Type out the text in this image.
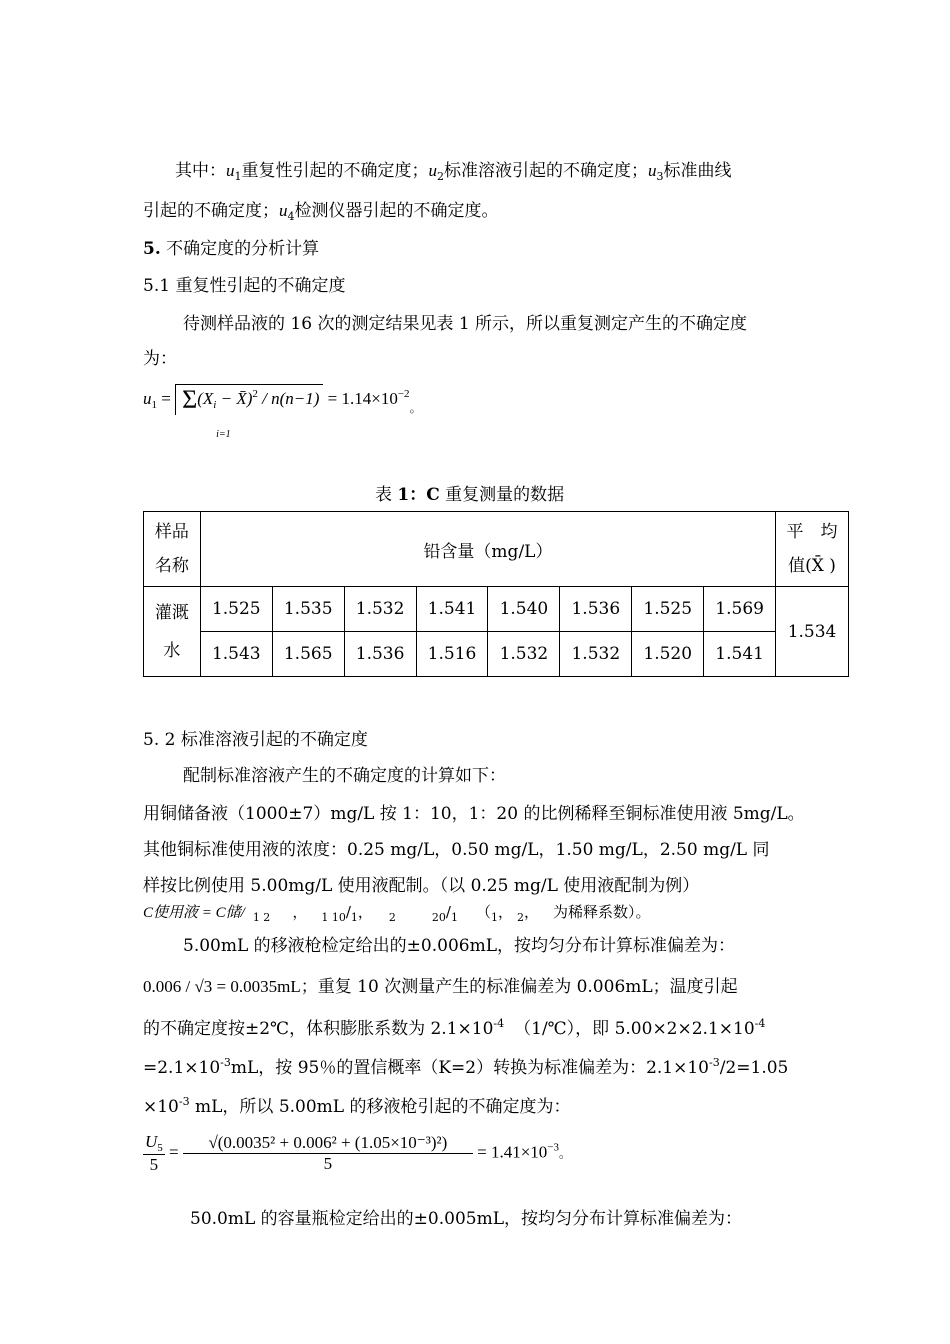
其中：$u_1$重复性引起的不确定度；$u_2$标准溶液引起的不确定度；$u_3$标准曲线
引起的不确定度；$u_4$检测仪器引起的不确定度。
5. 不确定度的分析计算
5.1 重复性引起的不确定度
待测样品液的 16 次的测定结果见表 1 所示，所以重复测定产生的不确定度
为：
$u_1 = \Sigma(X_i$ − X̄)$^2$ / n(n−1)
i=1
= $1.14\times 10^{-2}_。$
表 1：C 重复测量的数据
样品
名称	铅含量（mg/L）								平　均
值(X̄ )
灌溉
水	1.525	1.535	1.532	1.541	1.540	1.536	1.525	1.569	1.534
	1.543	1.565	1.536	1.516	1.532	1.532	1.520	1.541	
5. 2 标准溶液引起的不确定度
配制标准溶液产生的不确定度的计算如下：
用铜储备液（1000±7）mg/L 按 1：10，1：20 的比例稀释至铜标准使用液 5mg/L。
其他铜标准使用液的浓度：0.25 mg/L，0.50 mg/L，1.50 mg/L，2.50 mg/L 同
样按比例使用 5.00mg/L 使用液配制。（以 0.25 mg/L 使用液配制为例）
C使用液 = C储/ $_{1 2}$ ， $_{1 10}/_1$， $_2$	$_{20}/_1$ （$_1$， $_2$， 为稀释系数）。
5.00mL 的移液枪检定给出的±0.006mL，按均匀分布计算标准偏差为：
0.006 / √3 = 0.0035mL；重复 10 次测量产生的标准偏差为 0.006mL；温度引起
的不确定度按±2℃，体积膨胀系数为 $2.1\times 10^{-4}$ （1/℃），即 $5.00\times 2\times 2.1\times 10^{-4}$
$=2.1\times 10^{-3}mL$，按 95％的置信概率（K=2）转换为标准偏差为：$2.1\times 10^{-3}/2=1.05$
$\times 10^{-3}$ mL，所以 5.00mL 的移液枪引起的不确定度为：
$\frac{U_5}{5} = \frac{\text{√(0.0035² + 0.006² + (1.05×10⁻³)²)}}{5} = 1.41\times 10^{-3}$。
50.0mL 的容量瓶检定给出的±0.005mL，按均匀分布计算标准偏差为：
